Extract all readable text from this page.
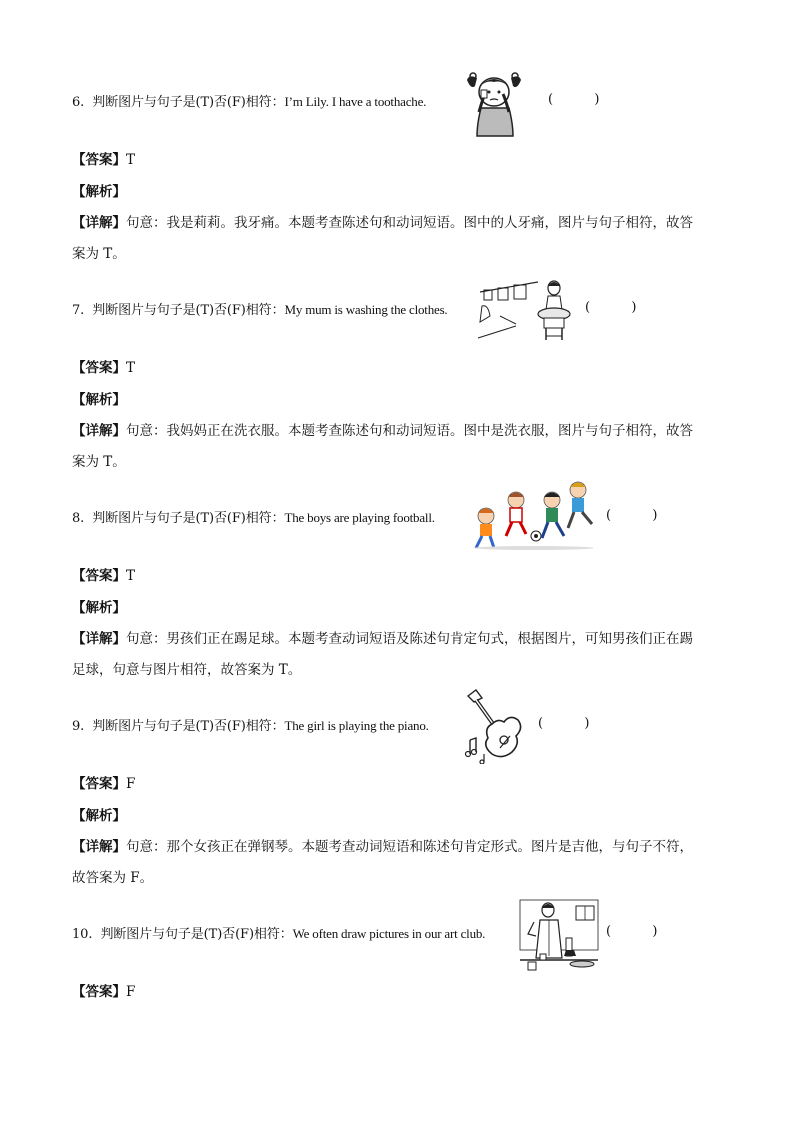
6. 判断图片与句子是(T)否(F)相符：I’m Lily. I have a toothache.	(          )
【答案】T
【解析】
【详解】句意：我是莉莉。我牙痛。本题考查陈述句和动词短语。图中的人牙痛，图片与句子相符，故答
案为 T。
7. 判断图片与句子是(T)否(F)相符：My mum is washing the clothes.	(          )
【答案】T
【解析】
【详解】句意：我妈妈正在洗衣服。本题考查陈述句和动词短语。图中是洗衣服，图片与句子相符，故答
案为 T。
8. 判断图片与句子是(T)否(F)相符：The boys are playing football.	(          )
【答案】T
【解析】
【详解】句意：男孩们正在踢足球。本题考查动词短语及陈述句肯定句式，根据图片，可知男孩们正在踢
足球，句意与图片相符，故答案为 T。
9. 判断图片与句子是(T)否(F)相符：The girl is playing the piano.	(          )
【答案】F
【解析】
【详解】句意：那个女孩正在弹钢琴。本题考查动词短语和陈述句肯定形式。图片是吉他，与句子不符，
故答案为 F。
10. 判断图片与句子是(T)否(F)相符：We often draw pictures in our art club.	(          )
【答案】F
